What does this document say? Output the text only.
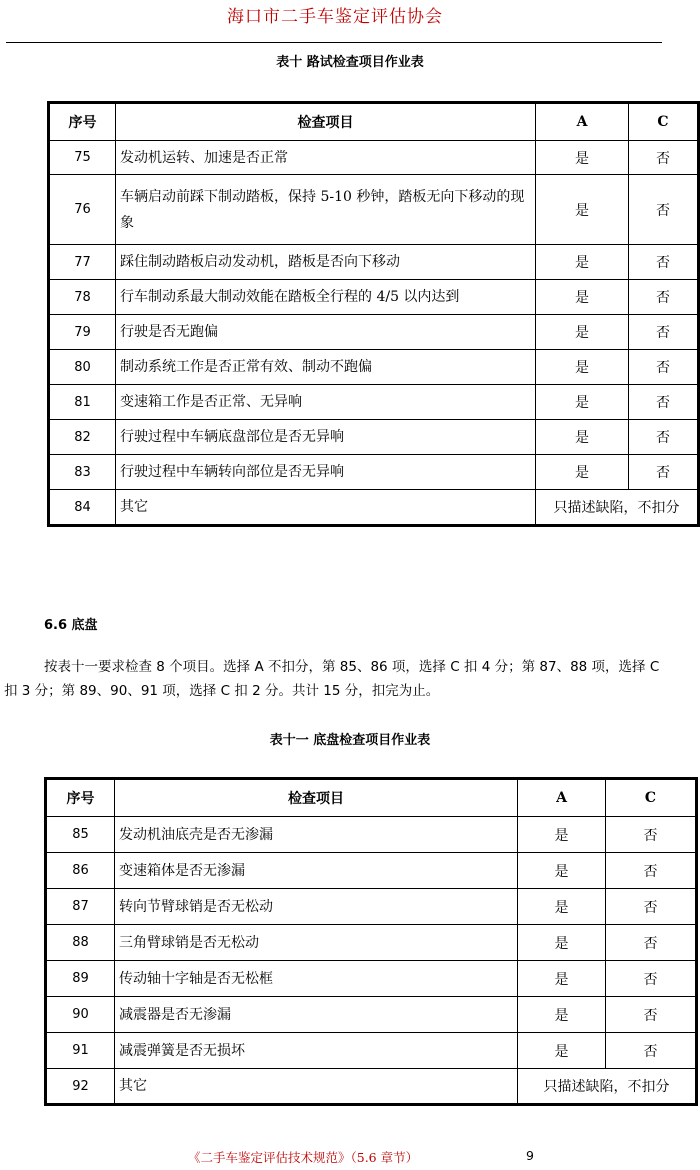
海口市二手车鉴定评估协会
表十 路试检查项目作业表
序号	检查项目	A	C
75	发动机运转、加速是否正常	是	否
76	车辆启动前踩下制动踏板，保持 5-10 秒钟，踏板无向下移动的现象	是	否
77	踩住制动踏板启动发动机，踏板是否向下移动	是	否
78	行车制动系最大制动效能在踏板全行程的 4/5 以内达到	是	否
79	行驶是否无跑偏	是	否
80	制动系统工作是否正常有效、制动不跑偏	是	否
81	变速箱工作是否正常、无异响	是	否
82	行驶过程中车辆底盘部位是否无异响	是	否
83	行驶过程中车辆转向部位是否无异响	是	否
84	其它	只描述缺陷，不扣分	
6.6 底盘

按表十一要求检查 8 个项目。选择 A 不扣分，第 85、86 项，选择 C 扣 4 分；第 87、88 项，选择 C 扣 3 分；第 89、90、91 项，选择 C 扣 2 分。共计 15 分，扣完为止。

表十一 底盘检查项目作业表
序号	检查项目	A	C
85	发动机油底壳是否无渗漏	是	否
86	变速箱体是否无渗漏	是	否
87	转向节臂球销是否无松动	是	否
88	三角臂球销是否无松动	是	否
89	传动轴十字轴是否无松框	是	否
90	减震器是否无渗漏	是	否
91	减震弹簧是否无损坏	是	否
92	其它	只描述缺陷，不扣分	
《二手车鉴定评估技术规范》（5.6 章节）	9
